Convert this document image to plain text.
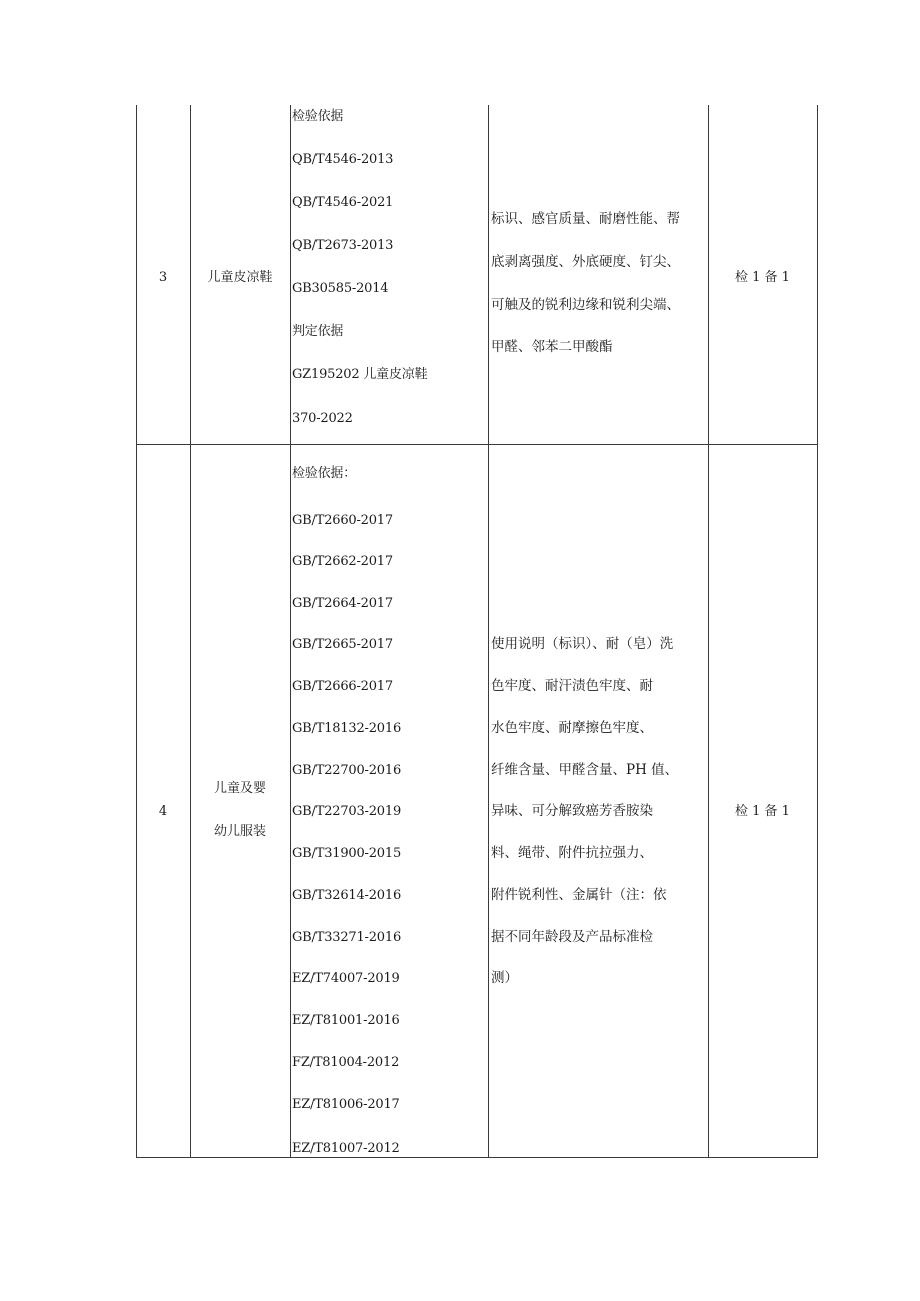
3	儿童皮凉鞋
检验依据
QB/T4546-2013
QB/T4546-2021
QB/T2673-2013
GB30585-2014
判定依据
GZ195202 儿童皮凉鞋
370-2022
标识、感官质量、耐磨性能、帮
底剥离强度、外底硬度、钉尖、
可触及的锐利边缘和锐利尖端、
甲醛、邻苯二甲酸酯
检 1 备 1
4
儿童及婴
幼儿服装
检验依据：
GB/T2660-2017
GB/T2662-2017
GB/T2664-2017
GB/T2665-2017
GB/T2666-2017
GB/T18132-2016
GB/T22700-2016
GB/T22703-2019
GB/T31900-2015
GB/T32614-2016
GB/T33271-2016
EZ/T74007-2019
EZ/T81001-2016
FZ/T81004-2012
EZ/T81006-2017
EZ/T81007-2012
使用说明（标识）、耐（皂）洗
色牢度、耐汗渍色牢度、耐
水色牢度、耐摩擦色牢度、
纤维含量、甲醛含量、PH 值、
异味、可分解致癌芳香胺染
料、绳带、附件抗拉强力、
附件锐利性、金属针（注：依
据不同年龄段及产品标准检
测）
检 1 备 1
